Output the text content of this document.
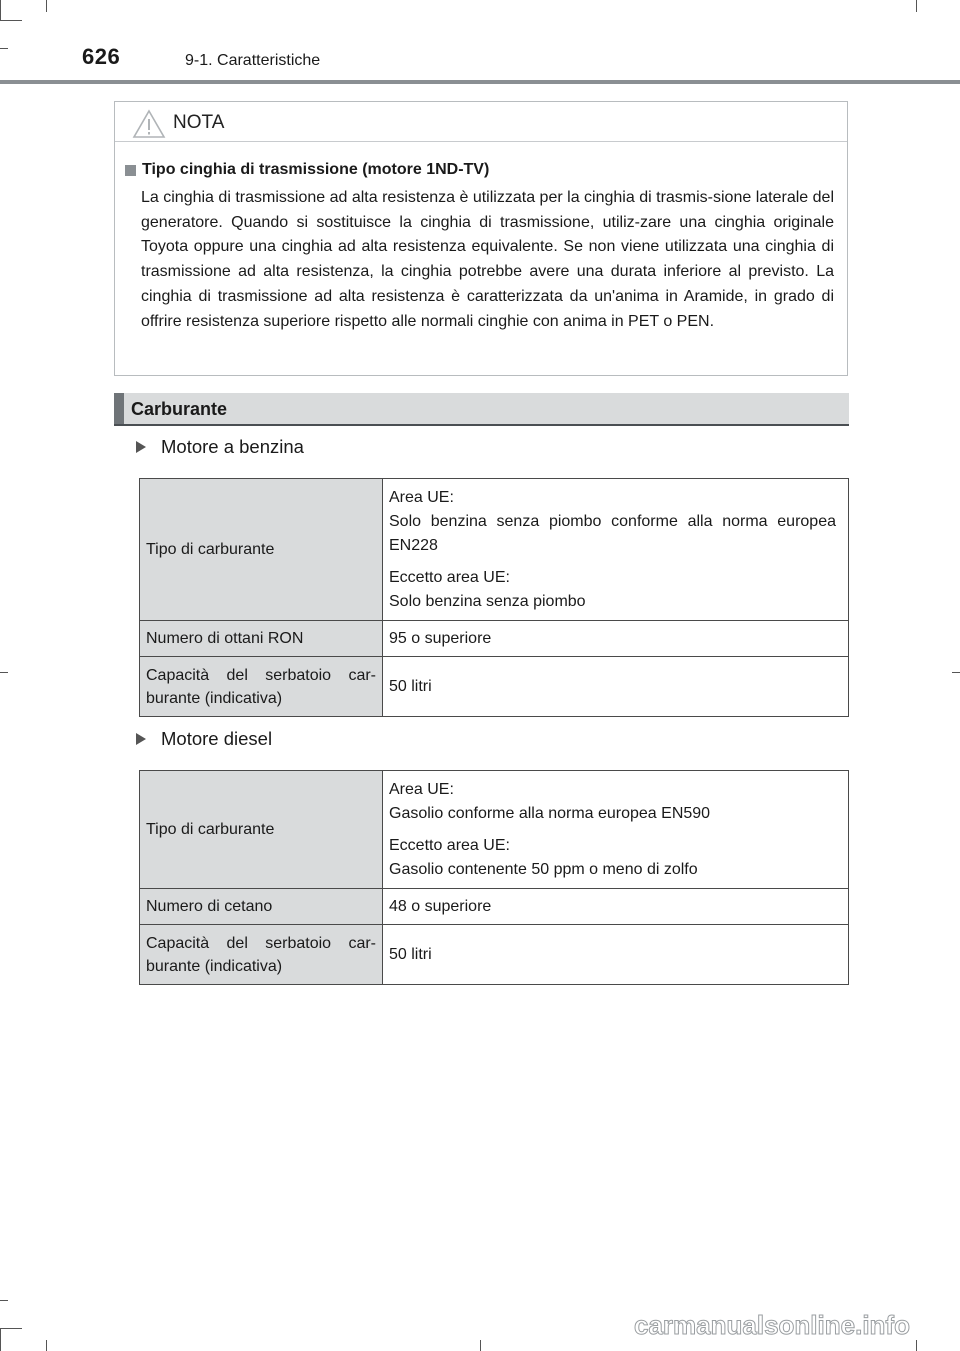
626	9-1. Caratteristiche
NOTA
Tipo cinghia di trasmissione (motore 1ND-TV)
La cinghia di trasmissione ad alta resistenza è utilizzata per la cinghia di trasmis-sione laterale del generatore. Quando si sostituisce la cinghia di trasmissione, utiliz-zare una cinghia originale Toyota oppure una cinghia ad alta resistenza equivalente. Se non viene utilizzata una cinghia di trasmissione ad alta resistenza, la cinghia potrebbe avere una durata inferiore al previsto. La cinghia di trasmissione ad alta resistenza è caratterizzata da un'anima in Aramide, in grado di offrire resistenza superiore rispetto alle normali cinghie con anima in PET o PEN.
Carburante
Motore a benzina
Tipo di carburante	Area UE:

Solo benzina senza piombo conforme alla norma europea EN228

Eccetto area UE:
Solo benzina senza piombo

Numero di ottani RON	95 o superiore
Capacità del serbatoio car-burante (indicativa)	50 litri
Motore diesel
Tipo di carburante	Area UE:
Gasolio conforme alla norma europea EN590

Eccetto area UE:
Gasolio contenente 50 ppm o meno di zolfo

Numero di cetano	48 o superiore
Capacità del serbatoio car-burante (indicativa)	50 litri
carmanualsonline.info
